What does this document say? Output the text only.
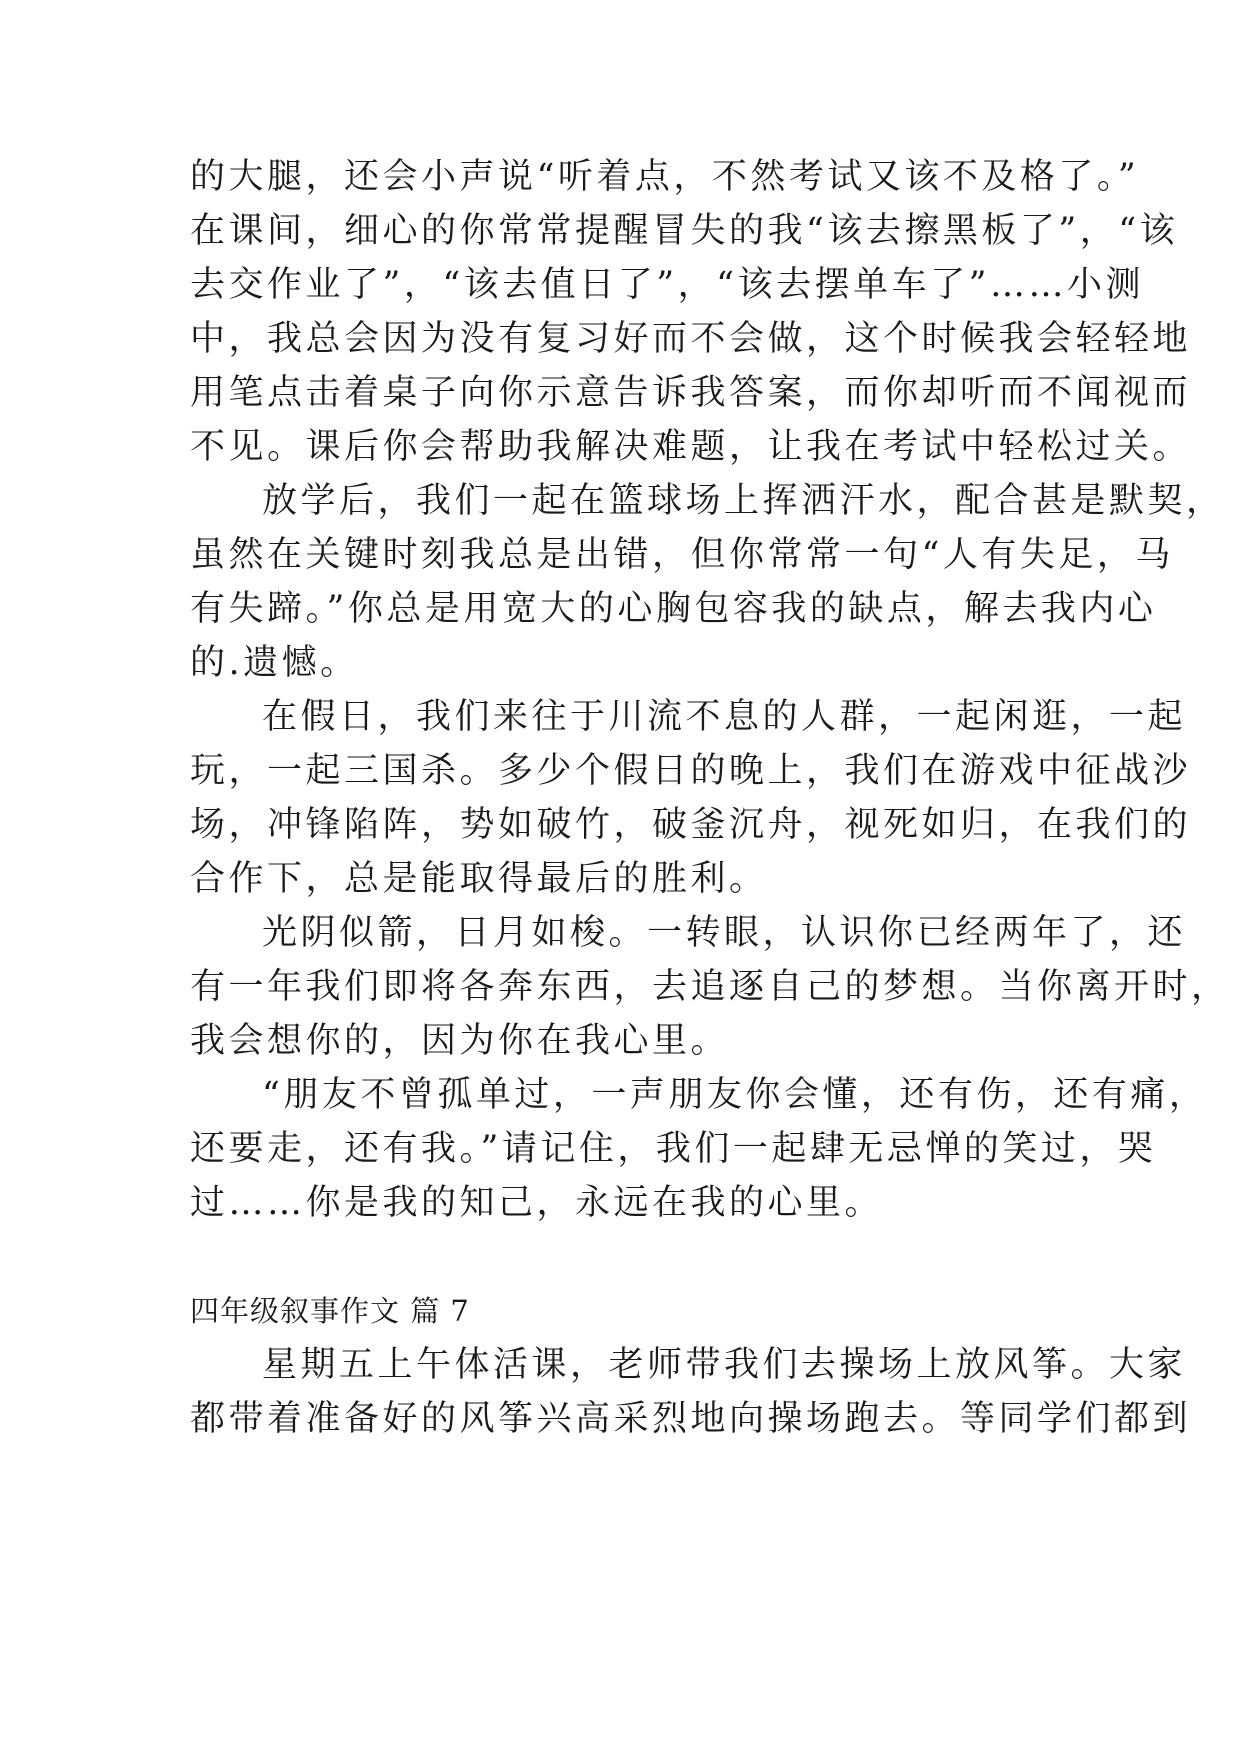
的大腿，还会小声说“听着点，不然考试又该不及格了。”
在课间，细心的你常常提醒冒失的我“该去擦黑板了”，“该
去交作业了”，“该去值日了”，“该去摆单车了”……小测
中，我总会因为没有复习好而不会做，这个时候我会轻轻地
用笔点击着桌子向你示意告诉我答案，而你却听而不闻视而
不见。课后你会帮助我解决难题，让我在考试中轻松过关。
放学后，我们一起在篮球场上挥洒汗水，配合甚是默契，
虽然在关键时刻我总是出错，但你常常一句“人有失足，马
有失蹄。”你总是用宽大的心胸包容我的缺点，解去我内心
的.遗憾。
在假日，我们来往于川流不息的人群，一起闲逛，一起
玩，一起三国杀。多少个假日的晚上，我们在游戏中征战沙
场，冲锋陷阵，势如破竹，破釜沉舟，视死如归，在我们的
合作下，总是能取得最后的胜利。
光阴似箭，日月如梭。一转眼，认识你已经两年了，还
有一年我们即将各奔东西，去追逐自己的梦想。当你离开时，
我会想你的，因为你在我心里。
“朋友不曾孤单过，一声朋友你会懂，还有伤，还有痛，
还要走，还有我。”请记住，我们一起肆无忌惮的笑过，哭
过……你是我的知己，永远在我的心里。
四年级叙事作文 篇 7
星期五上午体活课，老师带我们去操场上放风筝。大家
都带着准备好的风筝兴高采烈地向操场跑去。等同学们都到
